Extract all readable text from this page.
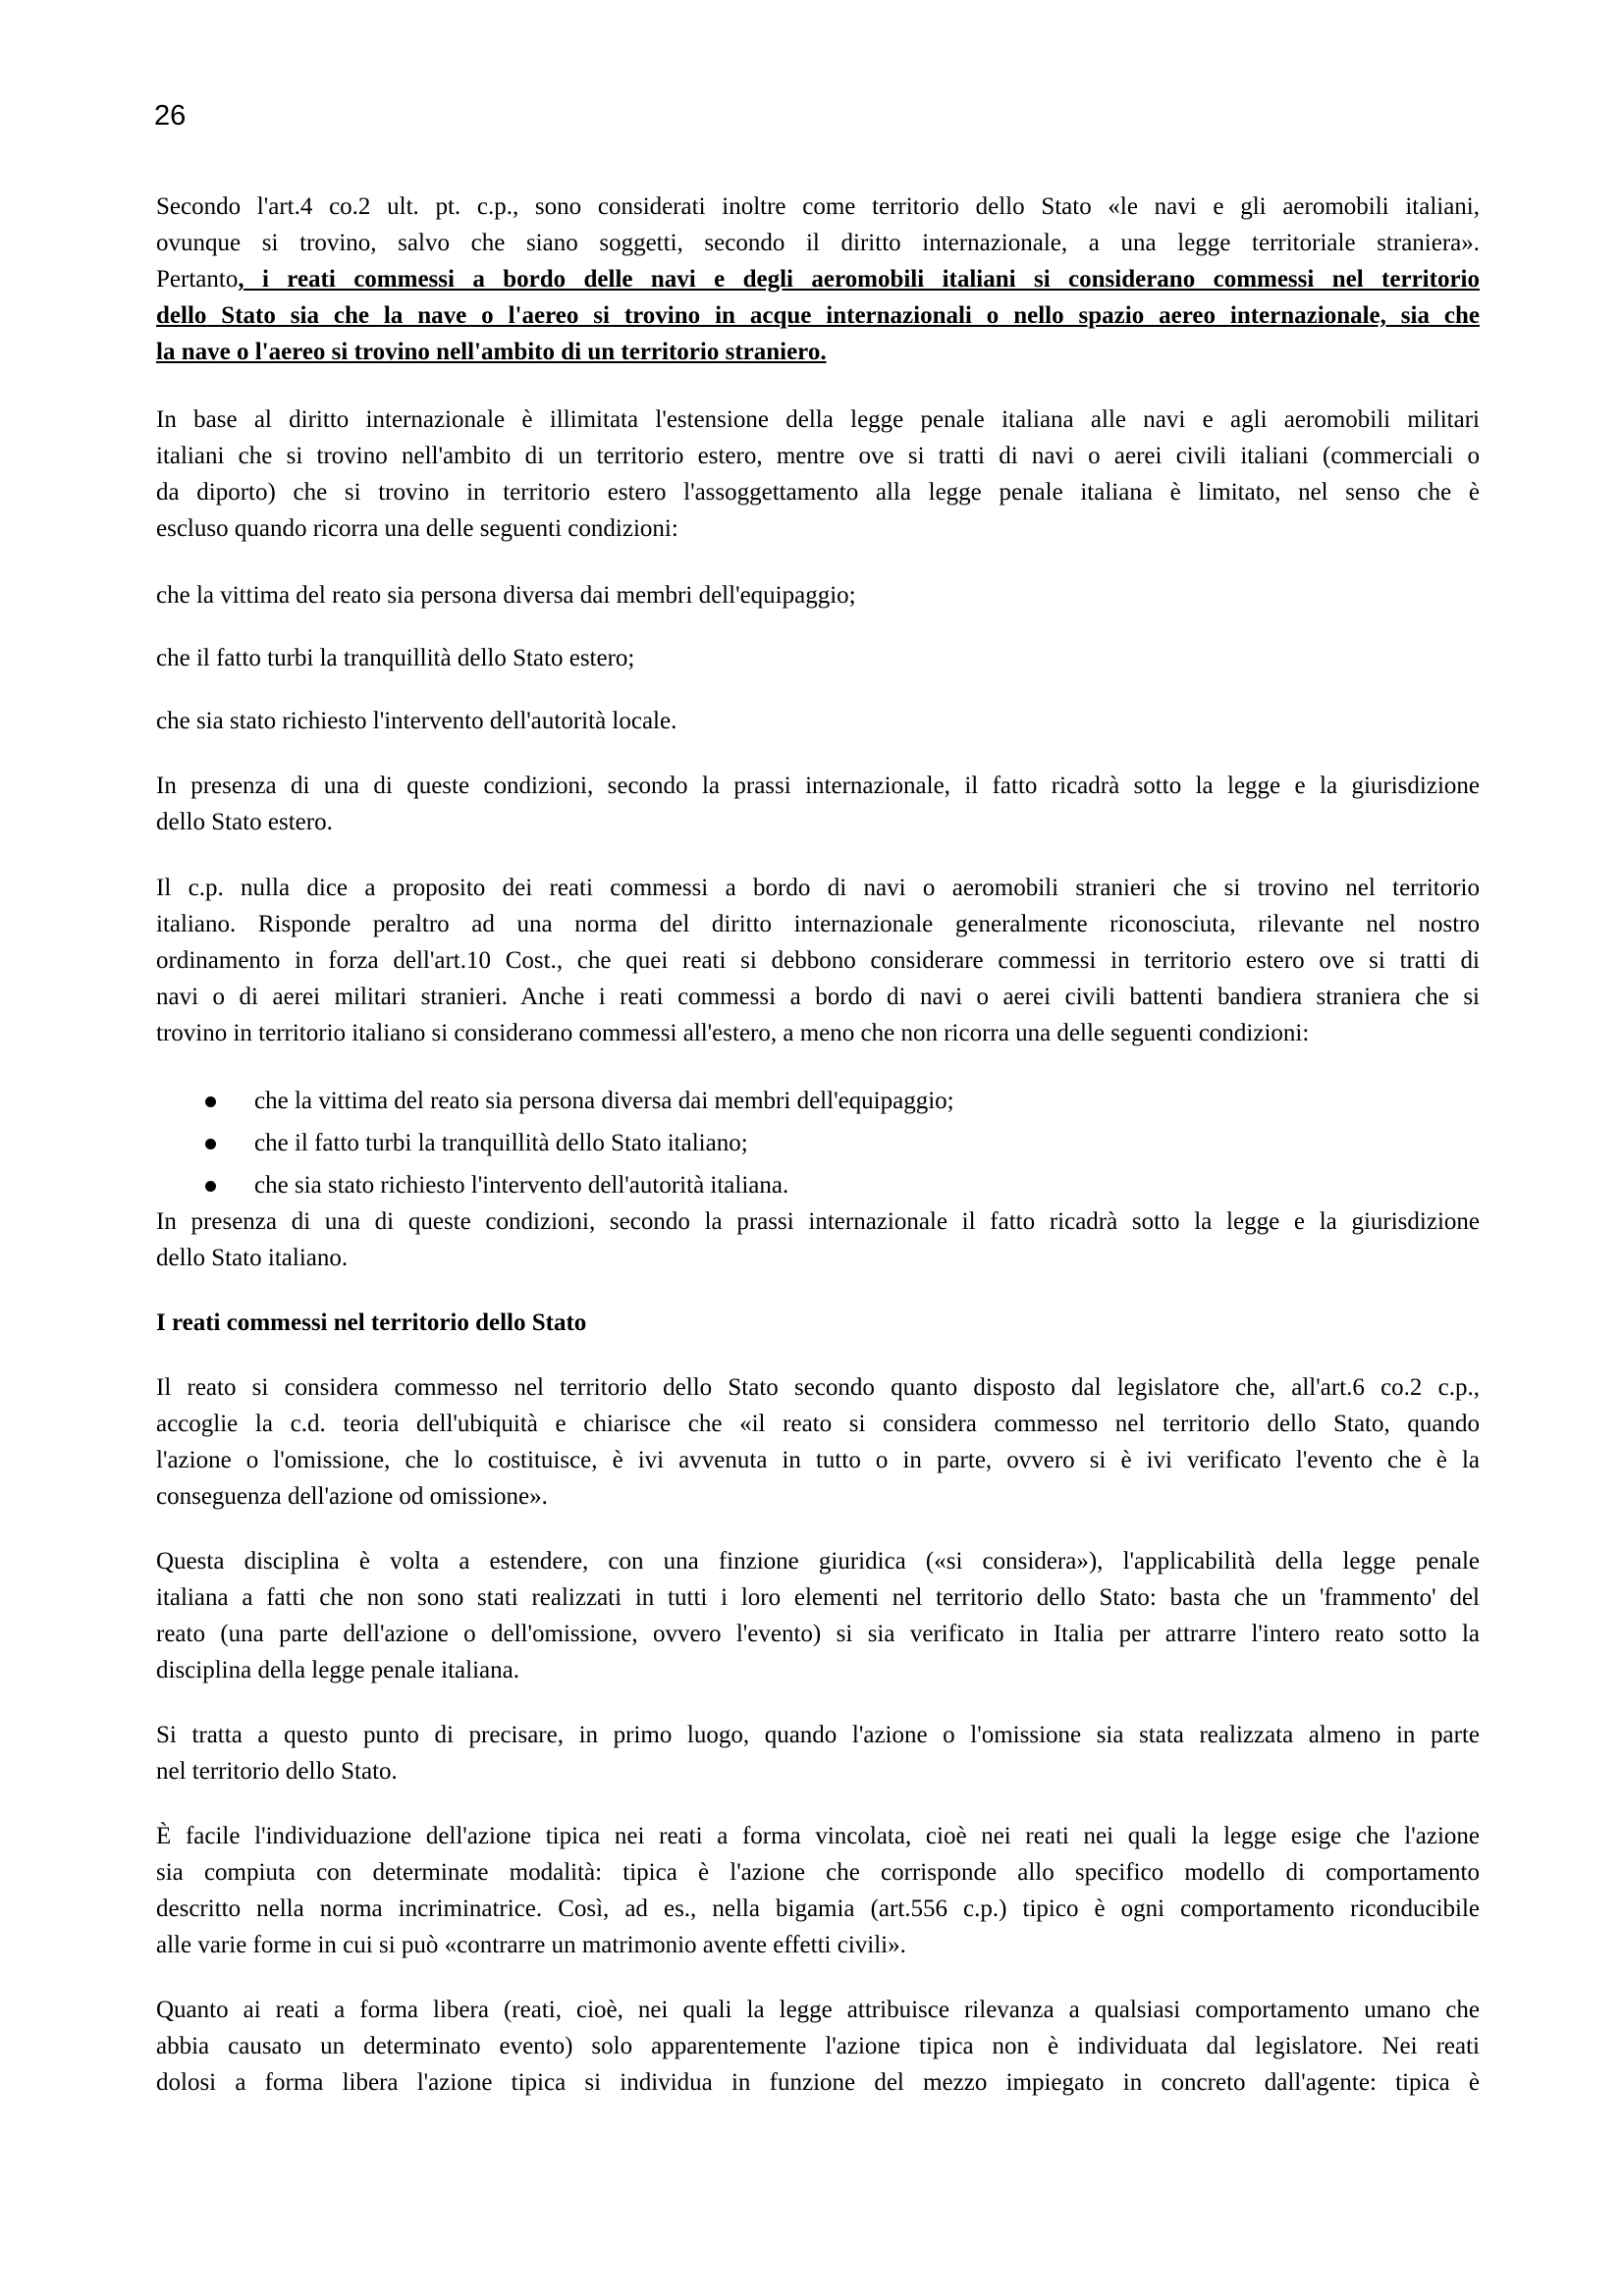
26

Secondo l'art.4 co.2 ult. pt. c.p., sono considerati inoltre come territorio dello Stato «le navi e gli aeromobili italiani,

ovunque si trovino, salvo che siano soggetti, secondo il diritto internazionale, a una legge territoriale straniera».

Pertanto, i reati commessi a bordo delle navi e degli aeromobili italiani si considerano commessi nel territorio

dello Stato sia che la nave o l'aereo si trovino in acque internazionali o nello spazio aereo internazionale, sia che

la nave o l'aereo si trovino nell'ambito di un territorio straniero.

In base al diritto internazionale è illimitata l'estensione della legge penale italiana alle navi e agli aeromobili militari

italiani che si trovino nell'ambito di un territorio estero, mentre ove si tratti di navi o aerei civili italiani (commerciali o

da diporto) che si trovino in territorio estero l'assoggettamento alla legge penale italiana è limitato, nel senso che è

escluso quando ricorra una delle seguenti condizioni:

che la vittima del reato sia persona diversa dai membri dell'equipaggio;

che il fatto turbi la tranquillità dello Stato estero;

che sia stato richiesto l'intervento dell'autorità locale.

In presenza di una di queste condizioni, secondo la prassi internazionale, il fatto ricadrà sotto la legge e la giurisdizione

dello Stato estero.

Il c.p. nulla dice a proposito dei reati commessi a bordo di navi o aeromobili stranieri che si trovino nel territorio

italiano. Risponde peraltro ad una norma del diritto internazionale generalmente riconosciuta, rilevante nel nostro

ordinamento in forza dell'art.10 Cost., che quei reati si debbono considerare commessi in territorio estero ove si tratti di

navi o di aerei militari stranieri. Anche i reati commessi a bordo di navi o aerei civili battenti bandiera straniera che si

trovino in territorio italiano si considerano commessi all'estero, a meno che non ricorra una delle seguenti condizioni:

che la vittima del reato sia persona diversa dai membri dell'equipaggio;
che il fatto turbi la tranquillità dello Stato italiano;
che sia stato richiesto l'intervento dell'autorità italiana.

In presenza di una di queste condizioni, secondo la prassi internazionale il fatto ricadrà sotto la legge e la giurisdizione

dello Stato italiano.

I reati commessi nel territorio dello Stato

Il reato si considera commesso nel territorio dello Stato secondo quanto disposto dal legislatore che, all'art.6 co.2 c.p.,

accoglie la c.d. teoria dell'ubiquità e chiarisce che «il reato si considera commesso nel territorio dello Stato, quando

l'azione o l'omissione, che lo costituisce, è ivi avvenuta in tutto o in parte, ovvero si è ivi verificato l'evento che è la

conseguenza dell'azione od omissione».

Questa disciplina è volta a estendere, con una finzione giuridica («si considera»), l'applicabilità della legge penale

italiana a fatti che non sono stati realizzati in tutti i loro elementi nel territorio dello Stato: basta che un 'frammento' del

reato (una parte dell'azione o dell'omissione, ovvero l'evento) si sia verificato in Italia per attrarre l'intero reato sotto la

disciplina della legge penale italiana.

Si tratta a questo punto di precisare, in primo luogo, quando l'azione o l'omissione sia stata realizzata almeno in parte

nel territorio dello Stato.

È facile l'individuazione dell'azione tipica nei reati a forma vincolata, cioè nei reati nei quali la legge esige che l'azione

sia compiuta con determinate modalità: tipica è l'azione che corrisponde allo specifico modello di comportamento

descritto nella norma incriminatrice. Così, ad es., nella bigamia (art.556 c.p.) tipico è ogni comportamento riconducibile

alle varie forme in cui si può «contrarre un matrimonio avente effetti civili».

Quanto ai reati a forma libera (reati, cioè, nei quali la legge attribuisce rilevanza a qualsiasi comportamento umano che

abbia causato un determinato evento) solo apparentemente l'azione tipica non è individuata dal legislatore. Nei reati

dolosi a forma libera l'azione tipica si individua in funzione del mezzo impiegato in concreto dall'agente: tipica è
